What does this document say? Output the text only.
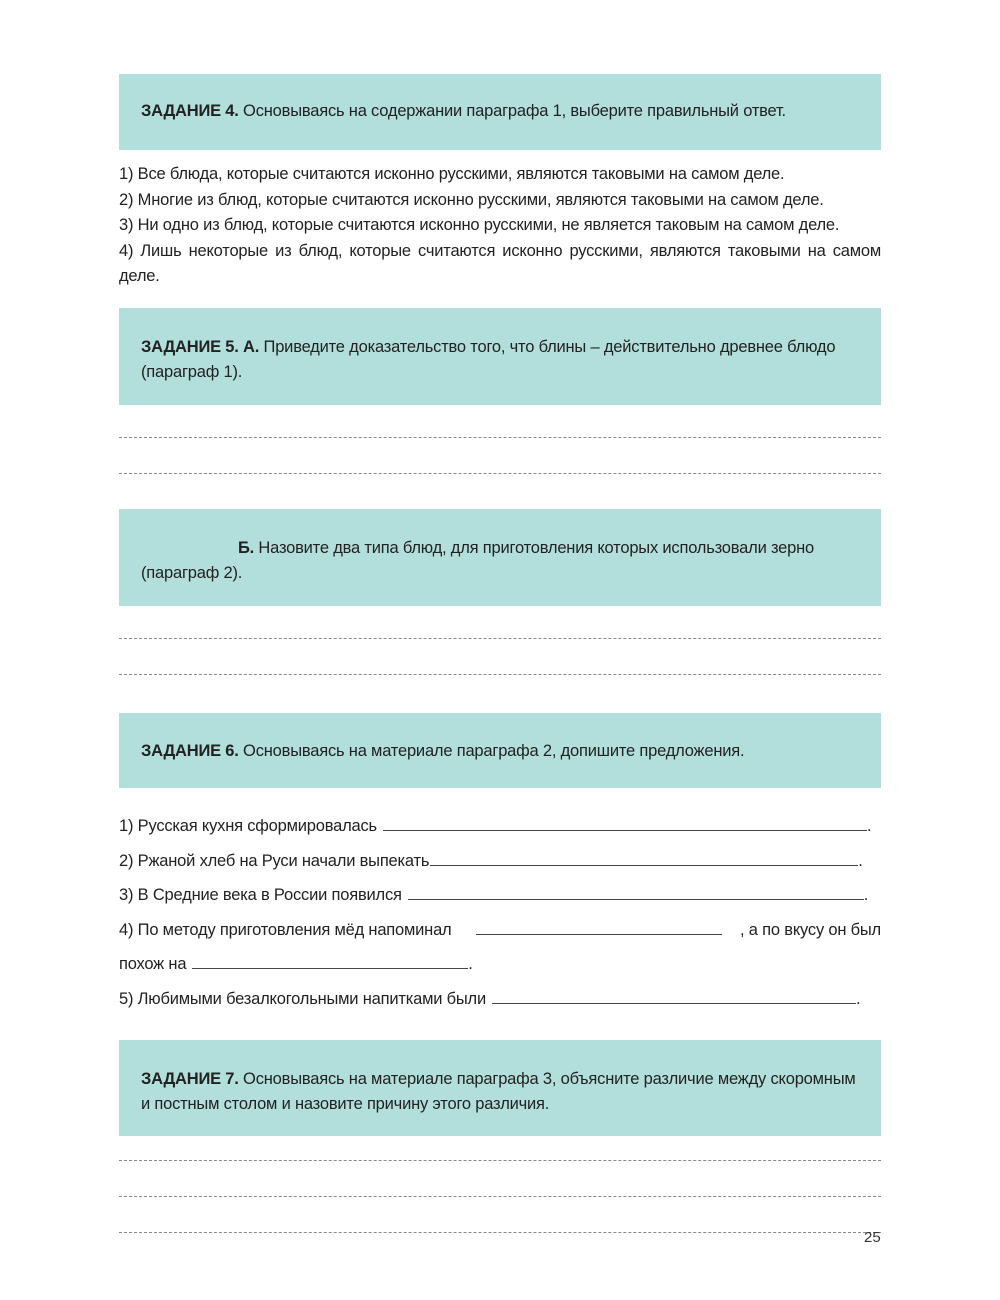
ЗАДАНИЕ 4. Основываясь на содержании параграфа 1, выберите правильный ответ.
1) Все блюда, которые считаются исконно русскими, являются таковыми на самом деле.
2) Многие из блюд, которые считаются исконно русскими, являются таковыми на самом деле.
3) Ни одно из блюд, которые считаются исконно русскими, не является таковым на самом деле.
4) Лишь некоторые из блюд, которые считаются исконно русскими, являются таковыми на самом деле.
ЗАДАНИЕ 5. А. Приведите доказательство того, что блины – действительно древнее блюдо (параграф 1).
Б. Назовите два типа блюд, для приготовления которых использовали зерно (параграф 2).
ЗАДАНИЕ 6. Основываясь на материале параграфа 2, допишите предложения.
1) Русская кухня сформировалась	.
2) Ржаной хлеб на Руси начали выпекать	.
3) В Средние века в России появился	.
4) По методу приготовления мёд напоминал	, а по вкусу он был
похож на	.
5) Любимыми безалкогольными напитками были	.
ЗАДАНИЕ 7. Основываясь на материале параграфа 3, объясните различие между скоромным и постным столом и назовите причину этого различия.
25
